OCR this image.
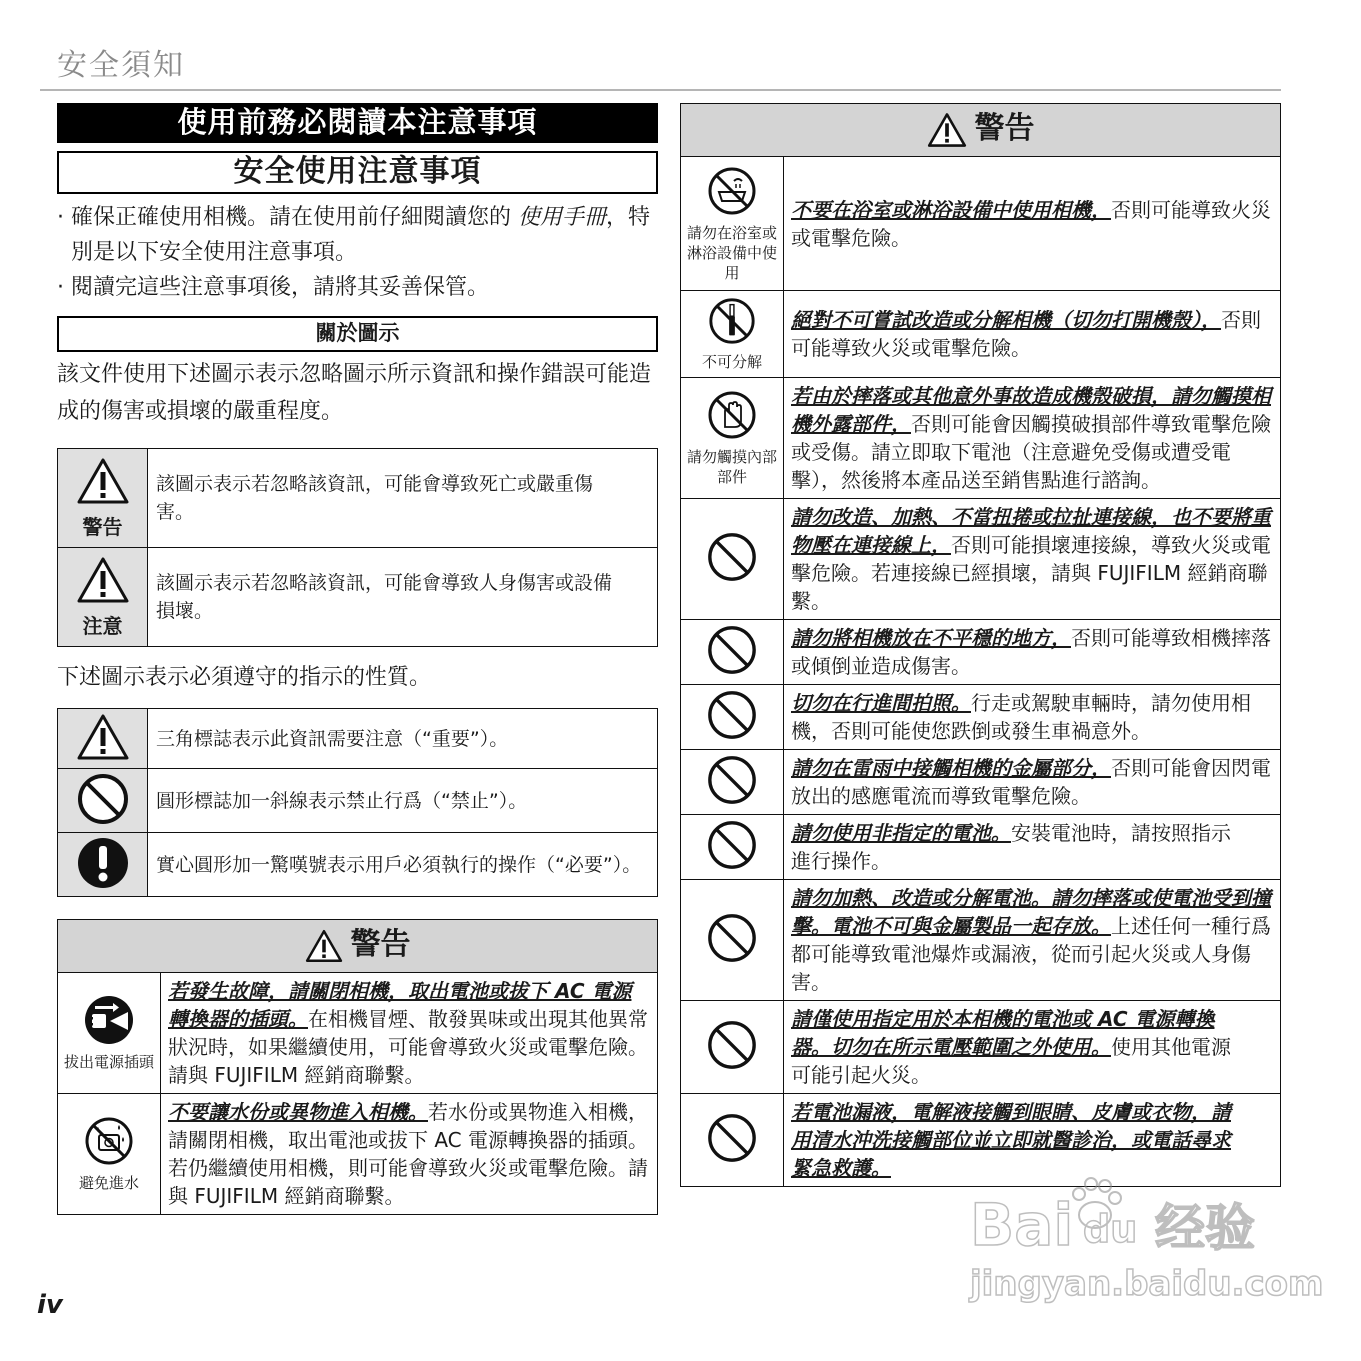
安全須知
使用前務必閱讀本注意事項
安全使用注意事項
· 確保正確使用相機。請在使用前仔細閱讀您的 使用手冊，特別是以下安全使用注意事項。
· 閱讀完這些注意事項後，請將其妥善保管。
關於圖示

該文件使用下述圖示表示忽略圖示所示資訊和操作錯誤可能造成的傷害或損壞的嚴重程度。

警告	該圖示表示若忽略該資訊，可能會導致死亡或嚴重傷害。

注意	該圖示表示若忽略該資訊，可能會導致人身傷害或設備損壞。

下述圖示表示必須遵守的指示的性質。

	三角標誌表示此資訊需要注意（“重要”）。
	圓形標誌加一斜線表示禁止行爲（“禁止”）。
	實心圓形加一驚嘆號表示用戶必須執行的操作（“必要”）。
警告
拔出電源插頭	若發生故障，請關閉相機，取出電池或拔下 AC 電源轉換器的插頭。在相機冒煙、散發異味或出現其他異常狀況時，如果繼續使用，可能會導致火災或電擊危險。請與 FUJIFILM 經銷商聯繫。

避免進水	不要讓水份或異物進入相機。若水份或異物進入相機，請關閉相機，取出電池或拔下 AC 電源轉換器的插頭。若仍繼續使用相機，則可能會導致火災或電擊危險。請與 FUJIFILM 經銷商聯繫。
警告
請勿在浴室或淋浴設備中使用	不要在浴室或淋浴設備中使用相機，否則可能導致火災或電擊危險。

不可分解	絕對不可嘗試改造或分解相機（切勿打開機殼），否則可能導致火災或電擊危險。

請勿觸摸內部部件	若由於摔落或其他意外事故造成機殼破損，請勿觸摸相機外露部件，否則可能會因觸摸破損部件導致電擊危險或受傷。請立即取下電池（注意避免受傷或遭受電擊），然後將本產品送至銷售點進行諮詢。
	請勿改造、加熱、不當扭捲或拉扯連接線，也不要將重物壓在連接線上，否則可能損壞連接線，導致火災或電擊危險。若連接線已經損壞，請與 FUJIFILM 經銷商聯繫。
	請勿將相機放在不平穩的地方，否則可能導致相機摔落或傾倒並造成傷害。
	切勿在行進間拍照。行走或駕駛車輛時，請勿使用相機，否則可能使您跌倒或發生車禍意外。
	請勿在雷雨中接觸相機的金屬部分，否則可能會因閃電放出的感應電流而導致電擊危險。
	請勿使用非指定的電池。安裝電池時，請按照指示進行操作。
	請勿加熱、改造或分解電池。請勿摔落或使電池受到撞擊。電池不可與金屬製品一起存放。上述任何一種行爲都可能導致電池爆炸或漏液，從而引起火災或人身傷害。
	請僅使用指定用於本相機的電池或 AC 電源轉換器。切勿在所示電壓範圍之外使用。使用其他電源可能引起火災。
	若電池漏液，電解液接觸到眼睛、皮膚或衣物，請用清水沖洗接觸部位並立即就醫診治，或電話尋求緊急救護。
iv
Bai du 经验
jingyan.baidu.com
